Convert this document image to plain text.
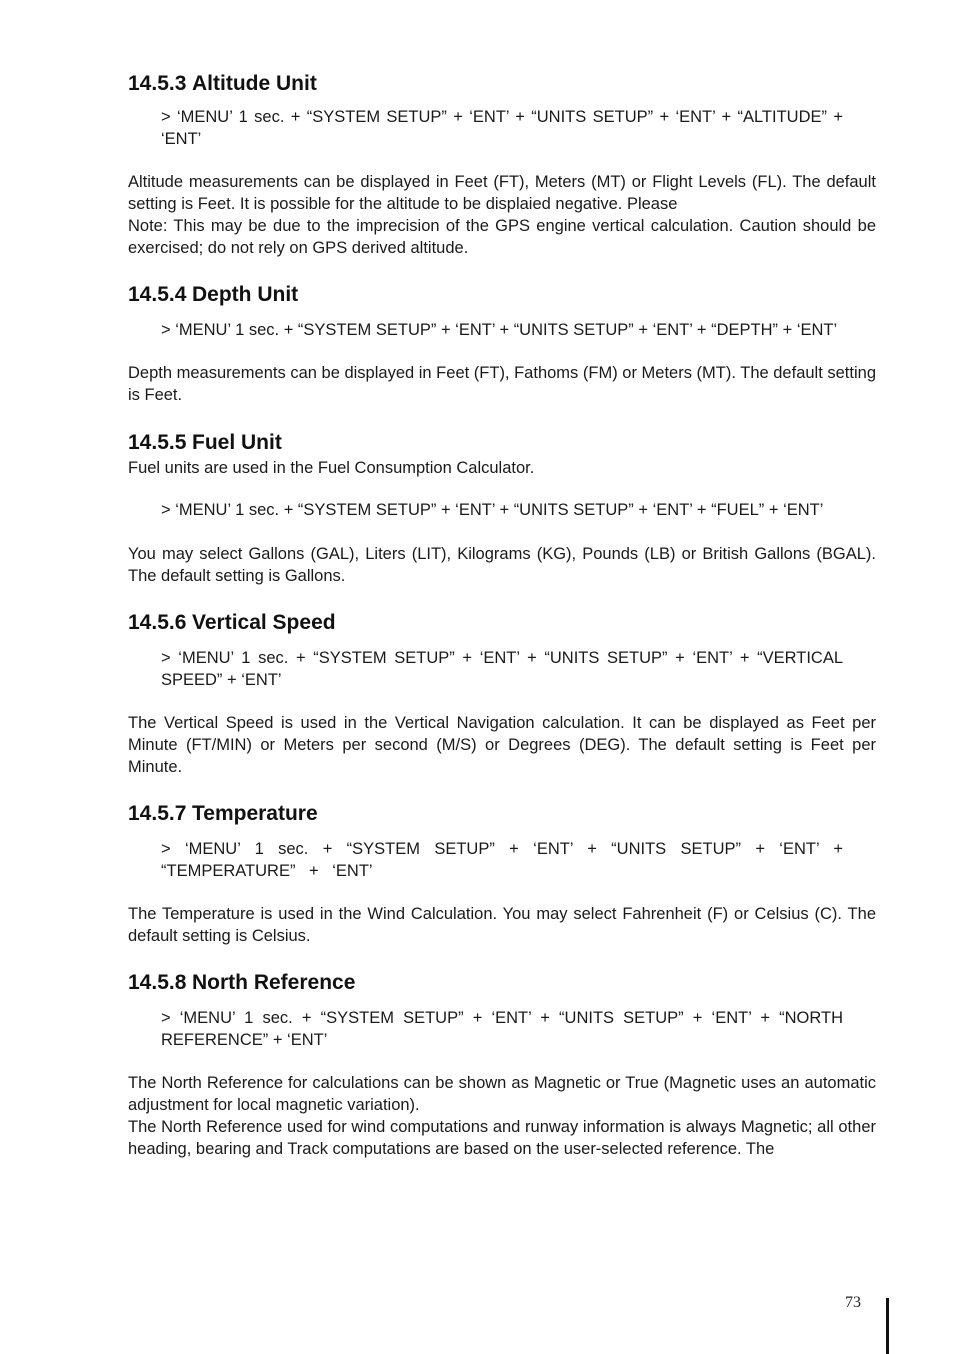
14.5.3 Altitude Unit

> ‘MENU’ 1 sec. + “SYSTEM SETUP” + ‘ENT’ + “UNITS SETUP” + ‘ENT’ + “ALTITUDE” + ‘ENT’

Altitude measurements can be displayed in Feet (FT), Meters (MT) or Flight Levels (FL). The default setting is Feet. It is possible for the altitude to be displaied negative. Please

Note: This may be due to the imprecision of the GPS engine vertical calculation. Caution should be exercised; do not rely on GPS derived altitude.

14.5.4 Depth Unit

> ‘MENU’ 1 sec. + “SYSTEM SETUP” + ‘ENT’ + “UNITS SETUP” + ‘ENT’ + “DEPTH” + ‘ENT’

Depth measurements can be displayed in Feet (FT), Fathoms (FM) or Meters (MT). The default setting is Feet.

14.5.5 Fuel Unit

Fuel units are used in the Fuel Consumption Calculator.

> ‘MENU’ 1 sec. + “SYSTEM SETUP” + ‘ENT’ + “UNITS SETUP” + ‘ENT’ + “FUEL” + ‘ENT’

You may select Gallons (GAL), Liters (LIT), Kilograms (KG), Pounds (LB) or British Gallons (BGAL). The default setting is Gallons.

14.5.6 Vertical Speed

> ‘MENU’ 1 sec. + “SYSTEM SETUP” + ‘ENT’ + “UNITS SETUP” + ‘ENT’ + “VERTICAL SPEED” + ‘ENT’

The Vertical Speed is used in the Vertical Navigation calculation. It can be displayed as Feet per Minute (FT/MIN) or Meters per second (M/S) or Degrees (DEG). The default setting is Feet per Minute.

14.5.7 Temperature

> ‘MENU’ 1 sec. + “SYSTEM SETUP” + ‘ENT’ + “UNITS SETUP” + ‘ENT’ + “TEMPERATURE” + ‘ENT’

The Temperature is used in the Wind Calculation. You may select Fahrenheit (F) or Celsius (C). The default setting is Celsius.

14.5.8 North Reference

> ‘MENU’ 1 sec. + “SYSTEM SETUP” + ‘ENT’ + “UNITS SETUP” + ‘ENT’ + “NORTH REFERENCE” + ‘ENT’

The North Reference for calculations can be shown as Magnetic or True (Magnetic uses an automatic adjustment for local magnetic variation).

The North Reference used for wind computations and runway information is always Magnetic; all other heading, bearing and Track computations are based on the user-selected reference. The

73
